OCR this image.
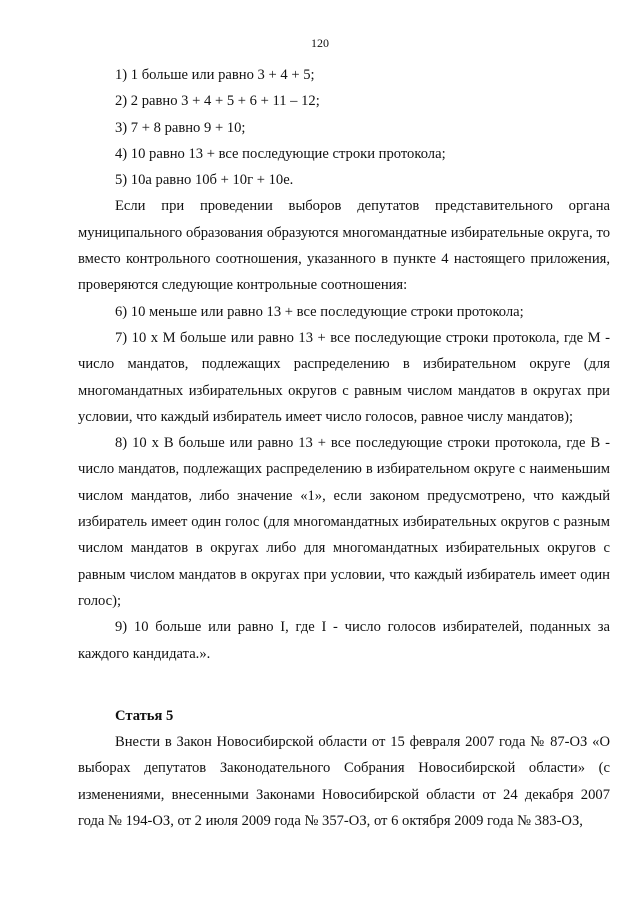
120

1) 1 больше или равно 3 + 4 + 5;

2) 2 равно 3 + 4 + 5 + 6 + 11 – 12;

3) 7 + 8 равно 9 + 10;

4) 10 равно 13 + все последующие строки протокола;

5) 10а равно 10б + 10г + 10е.

Если при проведении выборов депутатов представительного органа муниципального образования образуются многомандатные избирательные округа, то вместо контрольного соотношения, указанного в пункте 4 настоящего приложения, проверяются следующие контрольные соотношения:

6) 10 меньше или равно 13 + все последующие строки протокола;

7) 10 x M больше или равно 13 + все последующие строки протокола, где M - число мандатов, подлежащих распределению в избирательном округе (для многомандатных избирательных округов с равным числом мандатов в округах при условии, что каждый избиратель имеет число голосов, равное числу мандатов);

8) 10 x B больше или равно 13 + все последующие строки протокола, где B - число мандатов, подлежащих распределению в избирательном округе с наименьшим числом мандатов, либо значение «1», если законом предусмотрено, что каждый избиратель имеет один голос (для многомандатных избирательных округов с разным числом мандатов в округах либо для многомандатных избирательных округов с равным числом мандатов в округах при условии, что каждый избиратель имеет один голос);

9) 10 больше или равно I, где I - число голосов избирателей, поданных за каждого кандидата.».

Статья 5

Внести в Закон Новосибирской области от 15 февраля 2007 года № 87-ОЗ «О выборах депутатов Законодательного Собрания Новосибирской области» (с изменениями, внесенными Законами Новосибирской области от 24 декабря 2007 года № 194-ОЗ, от 2 июля 2009 года № 357-ОЗ, от 6 октября 2009 года № 383-ОЗ,
